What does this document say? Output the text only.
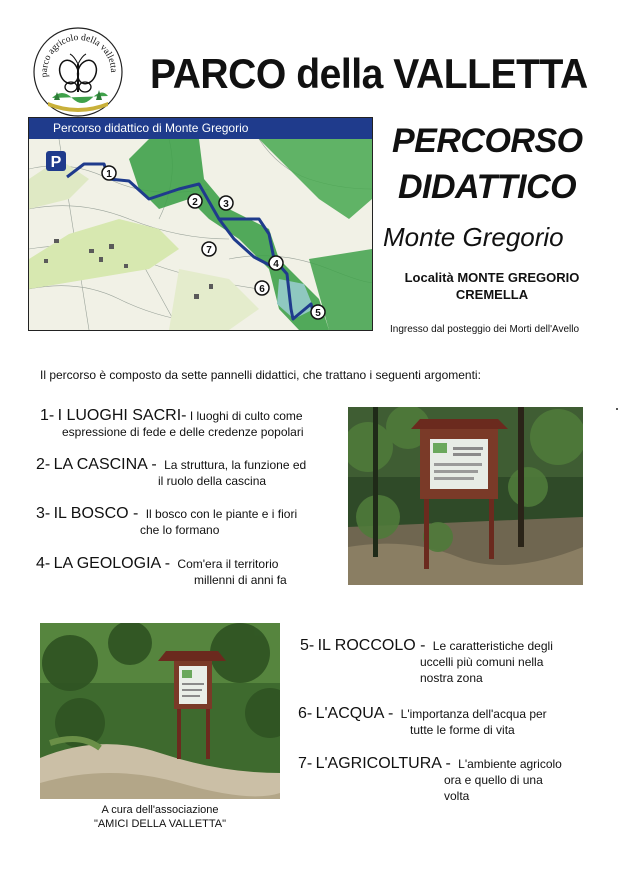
parco agricolo della valletta PARCO della VALLETTA
Percorso didattico di Monte Gregorio
P
1
2	3
4
5
6
7
PERCORSO
DIDATTICO
Monte Gregorio
Località MONTE GREGORIO
CREMELLA
Ingresso dal posteggio dei Morti dell'Avello
Il percorso è composto da sette pannelli didattici, che trattano i seguenti argomenti:
1- I LUOGHI SACRI- I luoghi di culto come
espressione di fede e delle credenze popolari
2- LA CASCINA - La struttura, la funzione ed
il ruolo della cascina
3- IL BOSCO - Il bosco con le piante e i fiori
che lo formano
4- LA GEOLOGIA - Com'era il territorio
millenni di anni fa
5- IL ROCCOLO - Le caratteristiche degli
uccelli più comuni nella
nostra zona
6- L'ACQUA - L'importanza dell'acqua per
tutte le forme di vita
7- L'AGRICOLTURA - L'ambiente agricolo
ora e quello di una
volta
A cura dell'associazione
"AMICI DELLA VALLETTA"
